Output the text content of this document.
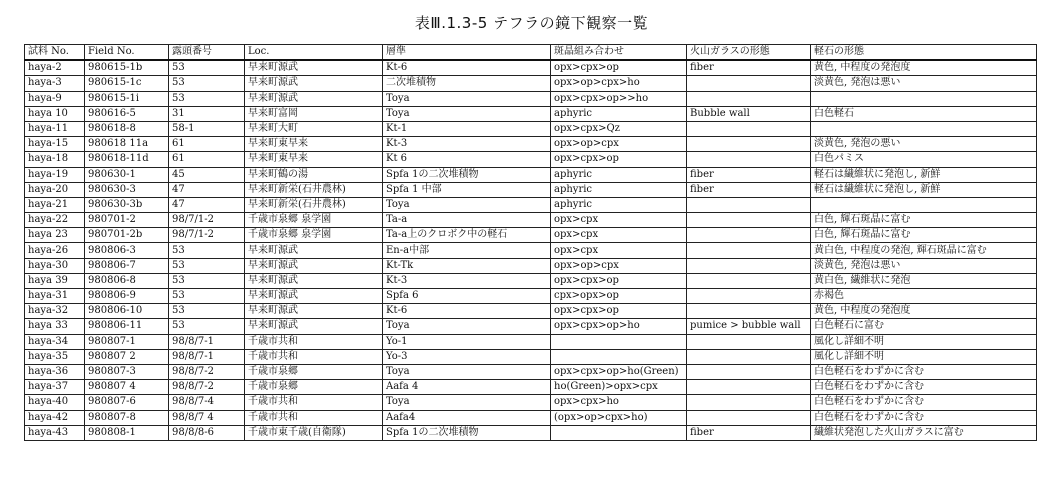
表Ⅲ.1.3-5 テフラの鏡下観察一覧
試料 No.	Field No.	露頭番号	Loc.	層準	斑晶組み合わせ	火山ガラスの形態	軽石の形態
haya-2	980615-1b	53	早来町源武	Kt-6	opx>cpx>op	fiber	黄色, 中程度の発泡度
haya-3	980615-1c	53	早来町源武	二次堆積物	opx>op>cpx>ho		淡黄色, 発泡は悪い
haya-9	980615-1i	53	早来町源武	Toya	opx>cpx>op>>ho		
haya 10	980616-5	31	早来町富岡	Toya	aphyric	Bubble wall	白色軽石
haya-11	980618-8	58-1	早来町大町	Kt-1	opx>cpx>Qz		
haya-15	980618 11a	61	早来町東早来	Kt-3	opx>op>cpx		淡黄色, 発泡の悪い
haya-18	980618-11d	61	早来町東早来	Kt 6	opx>cpx>op		白色パミス
haya-19	980630-1	45	早来町鶴の湯	Spfa 1の二次堆積物	aphyric	fiber	軽石は繊維状に発泡し, 新鮮
haya-20	980630-3	47	早来町新栄(石井農林)	Spfa 1 中部	aphyric	fiber	軽石は繊維状に発泡し, 新鮮
haya-21	980630-3b	47	早来町新栄(石井農林)	Toya	aphyric		
haya-22	980701-2	98/7/1-2	千歳市泉郷 泉学園	Ta-a	opx>cpx		白色, 輝石斑晶に富む
haya 23	980701-2b	98/7/1-2	千歳市泉郷 泉学園	Ta-a上のクロボク中の軽石	opx>cpx		白色, 輝石斑晶に富む
haya-26	980806-3	53	早来町源武	En-a中部	opx>cpx		黄白色, 中程度の発泡, 輝石斑晶に富む
haya-30	980806-7	53	早来町源武	Kt-Tk	opx>op>cpx		淡黄色, 発泡は悪い
haya 39	980806-8	53	早来町源武	Kt-3	opx>cpx>op		黄白色, 繊維状に発泡
haya-31	980806-9	53	早来町源武	Spfa 6	cpx>opx>op		赤褐色
haya-32	980806-10	53	早来町源武	Kt-6	opx>cpx>op		黄色, 中程度の発泡度
haya 33	980806-11	53	早来町源武	Toya	opx>cpx>op>ho	pumice > bubble wall	白色軽石に富む
haya-34	980807-1	98/8/7-1	千歳市共和	Yo-1			風化し詳細不明
haya-35	980807 2	98/8/7-1	千歳市共和	Yo-3			風化し詳細不明
haya-36	980807-3	98/8/7-2	千歳市泉郷	Toya	opx>cpx>op>ho(Green)		白色軽石をわずかに含む
haya-37	980807 4	98/8/7-2	千歳市泉郷	Aafa 4	ho(Green)>opx>cpx		白色軽石をわずかに含む
haya-40	980807-6	98/8/7-4	千歳市共和	Toya	opx>cpx>ho		白色軽石をわずかに含む
haya-42	980807-8	98/8/7 4	千歳市共和	Aafa4	(opx>op>cpx>ho)		白色軽石をわずかに含む
haya-43	980808-1	98/8/8-6	千歳市東千歳(自衛隊)	Spfa 1の二次堆積物		fiber	繊維状発泡した火山ガラスに富む
